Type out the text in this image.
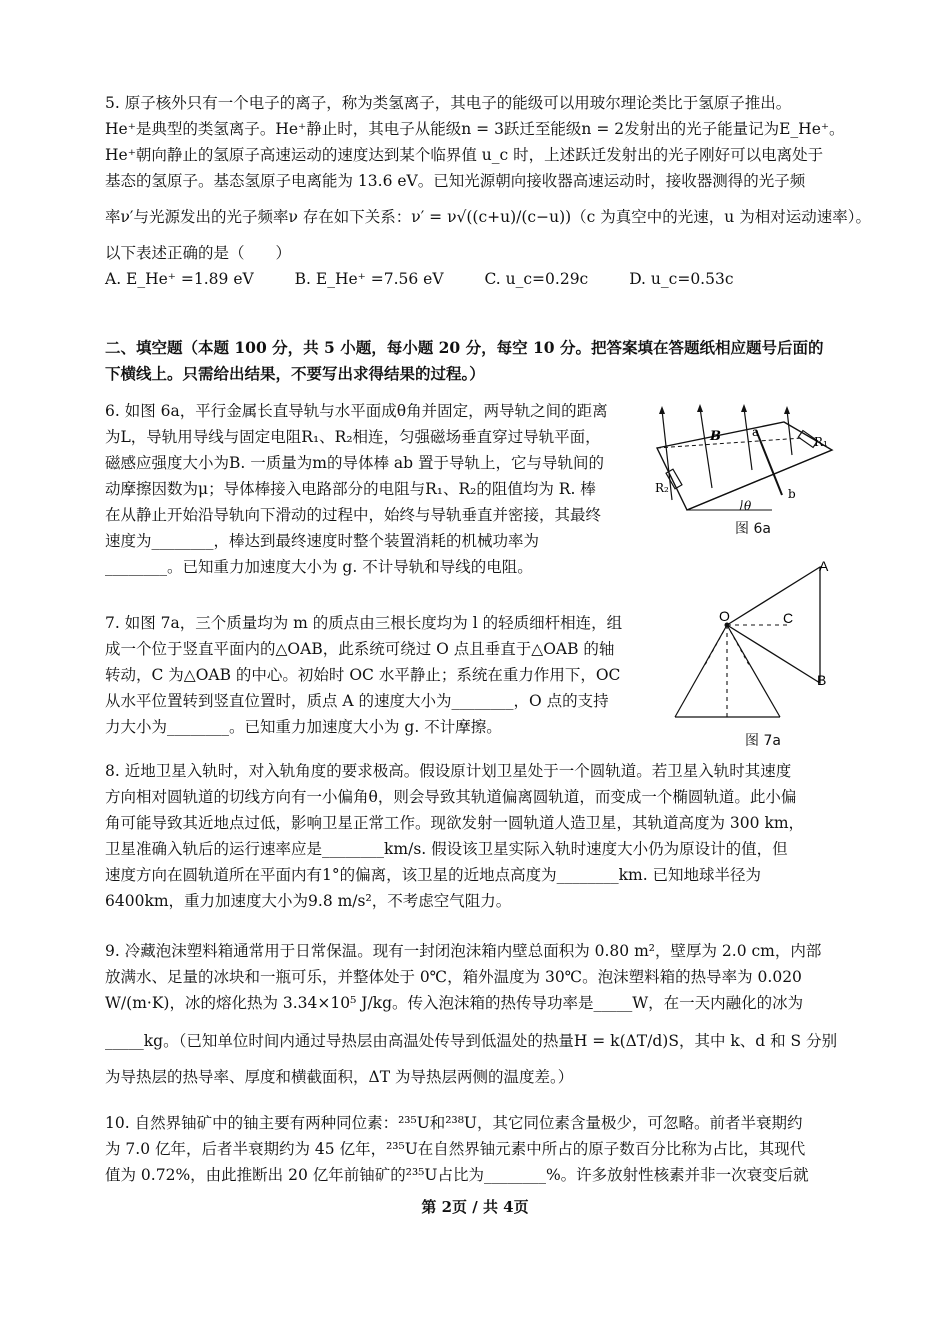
5. 原子核外只有一个电子的离子，称为类氢离子，其电子的能级可以用玻尔理论类比于氢原子推出。
He⁺是典型的类氢离子。He⁺静止时，其电子从能级n = 3跃迁至能级n = 2发射出的光子能量记为E_He⁺。
He⁺朝向静止的氢原子高速运动的速度达到某个临界值 u_c 时，上述跃迁发射出的光子刚好可以电离处于
基态的氢原子。基态氢原子电离能为 13.6 eV。已知光源朝向接收器高速运动时，接收器测得的光子频
率ν′与光源发出的光子频率ν 存在如下关系：ν′ = ν√((c+u)/(c−u))（c 为真空中的光速，u 为相对运动速率）。
以下表述正确的是（　　）
A. E_He⁺ =1.89 eV	B. E_He⁺ =7.56 eV	C. u_c=0.29c	D. u_c=0.53c
二、填空题（本题 100 分，共 5 小题，每小题 20 分，每空 10 分。把答案填在答题纸相应题号后面的
下横线上。只需给出结果，不要写出求得结果的过程。）
6. 如图 6a，平行金属长直导轨与水平面成θ角并固定，两导轨之间的距离
为L，导轨用导线与固定电阻R₁、R₂相连，匀强磁场垂直穿过导轨平面，
磁感应强度大小为B. 一质量为m的导体棒 ab 置于导轨上，它与导轨间的
动摩擦因数为μ；导体棒接入电路部分的电阻与R₁、R₂的阻值均为 R. 棒
在从静止开始沿导轨向下滑动的过程中，始终与导轨垂直并密接，其最终
速度为________，棒达到最终速度时整个装置消耗的机械功率为
________。已知重力加速度大小为 g. 不计导轨和导线的电阻。
B	a
b
R₁
R₂
θ
图 6a
7. 如图 7a，三个质量均为 m 的质点由三根长度均为 l 的轻质细杆相连，组
成一个位于竖直平面内的△OAB，此系统可绕过 O 点且垂直于△OAB 的轴
转动，C 为△OAB 的中心。初始时 OC 水平静止；系统在重力作用下，OC
从水平位置转到竖直位置时，质点 A 的速度大小为________，O 点的支持
力大小为________。已知重力加速度大小为 g. 不计摩擦。
O	C
A
B
图 7a
8. 近地卫星入轨时，对入轨角度的要求极高。假设原计划卫星处于一个圆轨道。若卫星入轨时其速度
方向相对圆轨道的切线方向有一小偏角θ，则会导致其轨道偏离圆轨道，而变成一个椭圆轨道。此小偏
角可能导致其近地点过低，影响卫星正常工作。现欲发射一圆轨道人造卫星，其轨道高度为 300 km，
卫星准确入轨后的运行速率应是________km/s. 假设该卫星实际入轨时速度大小仍为原设计的值，但
速度方向在圆轨道所在平面内有1°的偏离，该卫星的近地点高度为________km. 已知地球半径为
6400km，重力加速度大小为9.8 m/s²，不考虑空气阻力。
9. 冷藏泡沫塑料箱通常用于日常保温。现有一封闭泡沫箱内壁总面积为 0.80 m²，壁厚为 2.0 cm，内部
放满水、足量的冰块和一瓶可乐，并整体处于 0℃，箱外温度为 30℃。泡沫塑料箱的热导率为 0.020
W/(m·K)，冰的熔化热为 3.34×10⁵ J/kg。传入泡沫箱的热传导功率是_____W，在一天内融化的冰为
_____kg。（已知单位时间内通过导热层由高温处传导到低温处的热量H = k(ΔT/d)S，其中 k、d 和 S 分别
为导热层的热导率、厚度和横截面积，ΔT 为导热层两侧的温度差。）
10. 自然界铀矿中的铀主要有两种同位素：²³⁵U和²³⁸U，其它同位素含量极少，可忽略。前者半衰期约
为 7.0 亿年，后者半衰期约为 45 亿年，²³⁵U在自然界铀元素中所占的原子数百分比称为占比，其现代
值为 0.72%，由此推断出 20 亿年前铀矿的²³⁵U占比为________%。许多放射性核素并非一次衰变后就
第 2页 / 共 4页
